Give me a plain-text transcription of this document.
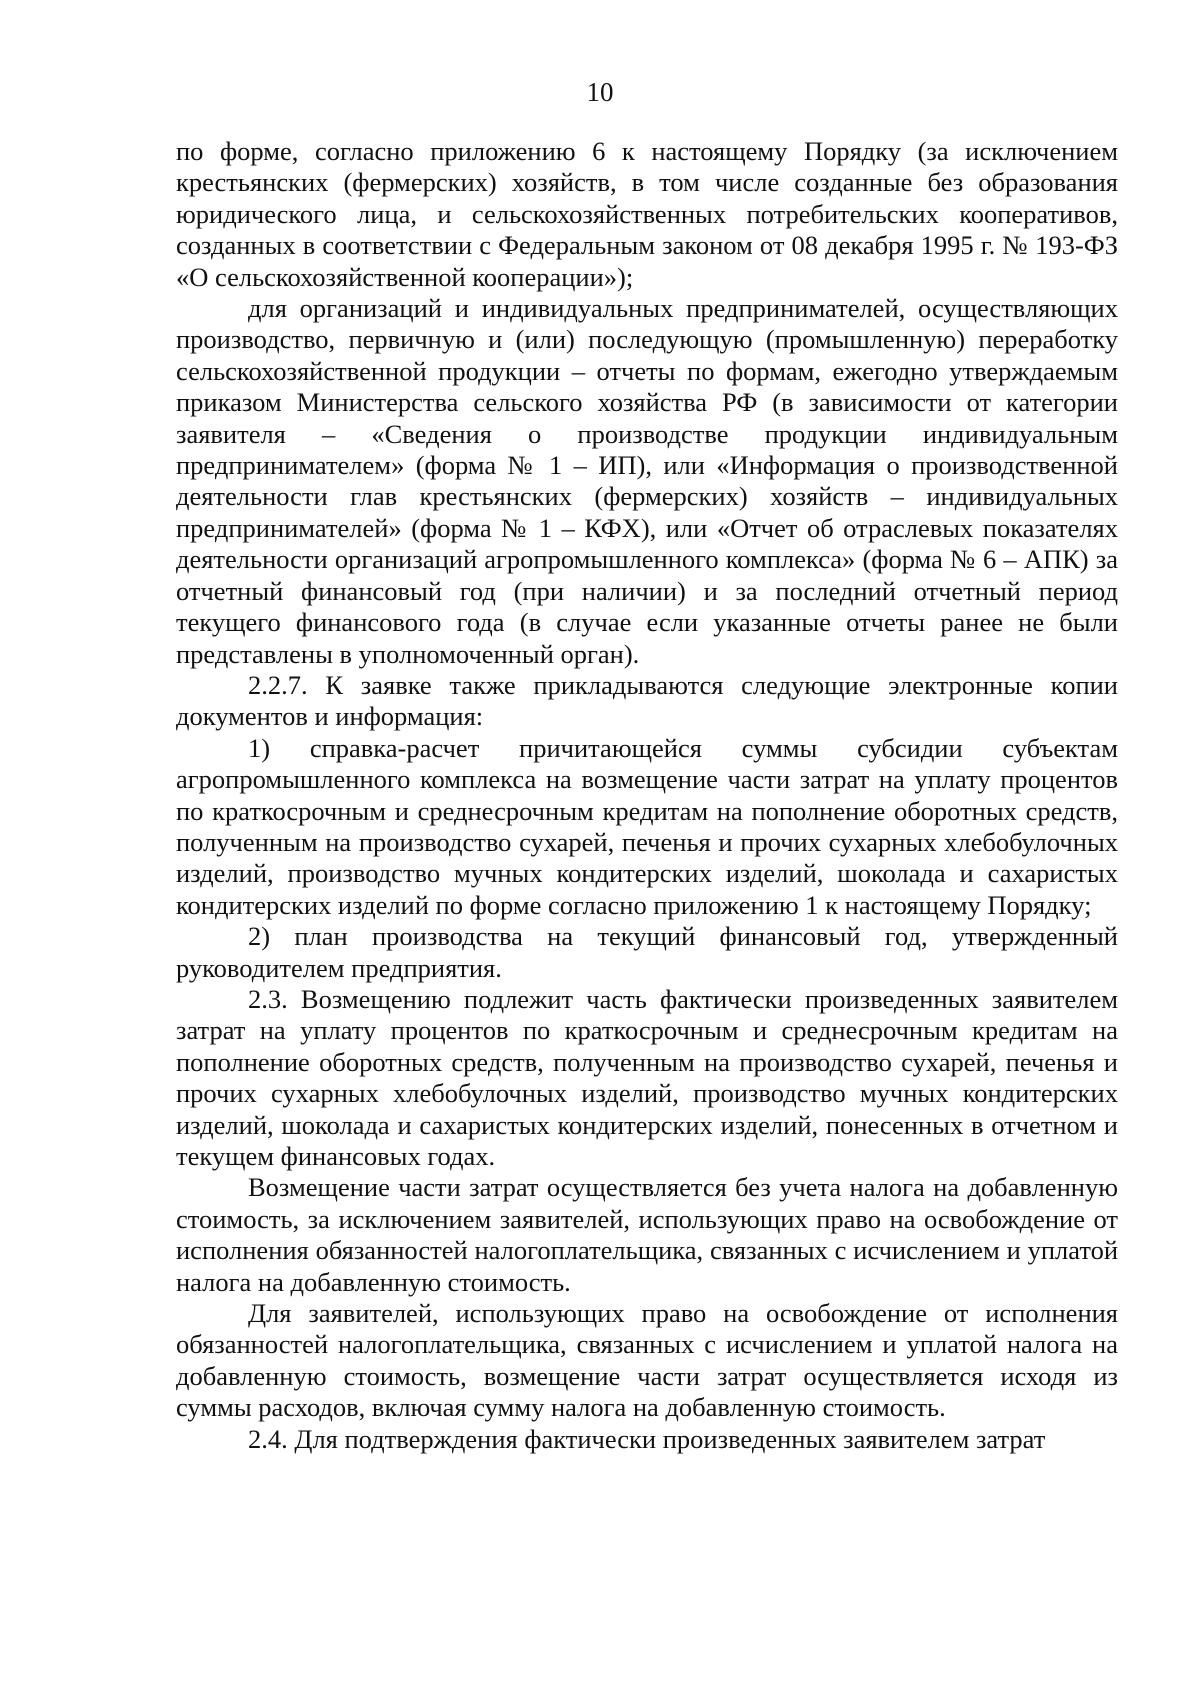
10

по форме, согласно приложению 6 к настоящему Порядку (за исключением крестьянских (фермерских) хозяйств, в том числе созданные без образования юридического лица, и сельскохозяйственных потребительских кооперативов, созданных в соответствии с Федеральным законом от 08 декабря 1995 г. № 193-ФЗ «О сельскохозяйственной кооперации»);

для организаций и индивидуальных предпринимателей, осуществляющих производство, первичную и (или) последующую (промышленную) переработку сельскохозяйственной продукции – отчеты по формам, ежегодно утверждаемым приказом Министерства сельского хозяйства РФ (в зависимости от категории заявителя – «Сведения о производстве продукции индивидуальным предпринимателем» (форма № 1 – ИП), или «Информация о производственной деятельности глав крестьянских (фермерских) хозяйств – индивидуальных предпринимателей» (форма № 1 – КФХ), или «Отчет об отраслевых показателях деятельности организаций агропромышленного комплекса» (форма № 6 – АПК) за отчетный финансовый год (при наличии) и за последний отчетный период текущего финансового года (в случае если указанные отчеты ранее не были представлены в уполномоченный орган).

2.2.7. К заявке также прикладываются следующие электронные копии документов и информация:

1) справка-расчет причитающейся суммы субсидии субъектам агропромышленного комплекса на возмещение части затрат на уплату процентов по краткосрочным и среднесрочным кредитам на пополнение оборотных средств, полученным на производство сухарей, печенья и прочих сухарных хлебобулочных изделий, производство мучных кондитерских изделий, шоколада и сахаристых кондитерских изделий по форме согласно приложению 1 к настоящему Порядку;

2) план производства на текущий финансовый год, утвержденный руководителем предприятия.

2.3. Возмещению подлежит часть фактически произведенных заявителем затрат на уплату процентов по краткосрочным и среднесрочным кредитам на пополнение оборотных средств, полученным на производство сухарей, печенья и прочих сухарных хлебобулочных изделий, производство мучных кондитерских изделий, шоколада и сахаристых кондитерских изделий, понесенных в отчетном и текущем финансовых годах.

Возмещение части затрат осуществляется без учета налога на добавленную стоимость, за исключением заявителей, использующих право на освобождение от исполнения обязанностей налогоплательщика, связанных с исчислением и уплатой налога на добавленную стоимость.

Для заявителей, использующих право на освобождение от исполнения обязанностей налогоплательщика, связанных с исчислением и уплатой налога на добавленную стоимость, возмещение части затрат осуществляется исходя из суммы расходов, включая сумму налога на добавленную стоимость.

2.4. Для подтверждения фактически произведенных заявителем затрат
